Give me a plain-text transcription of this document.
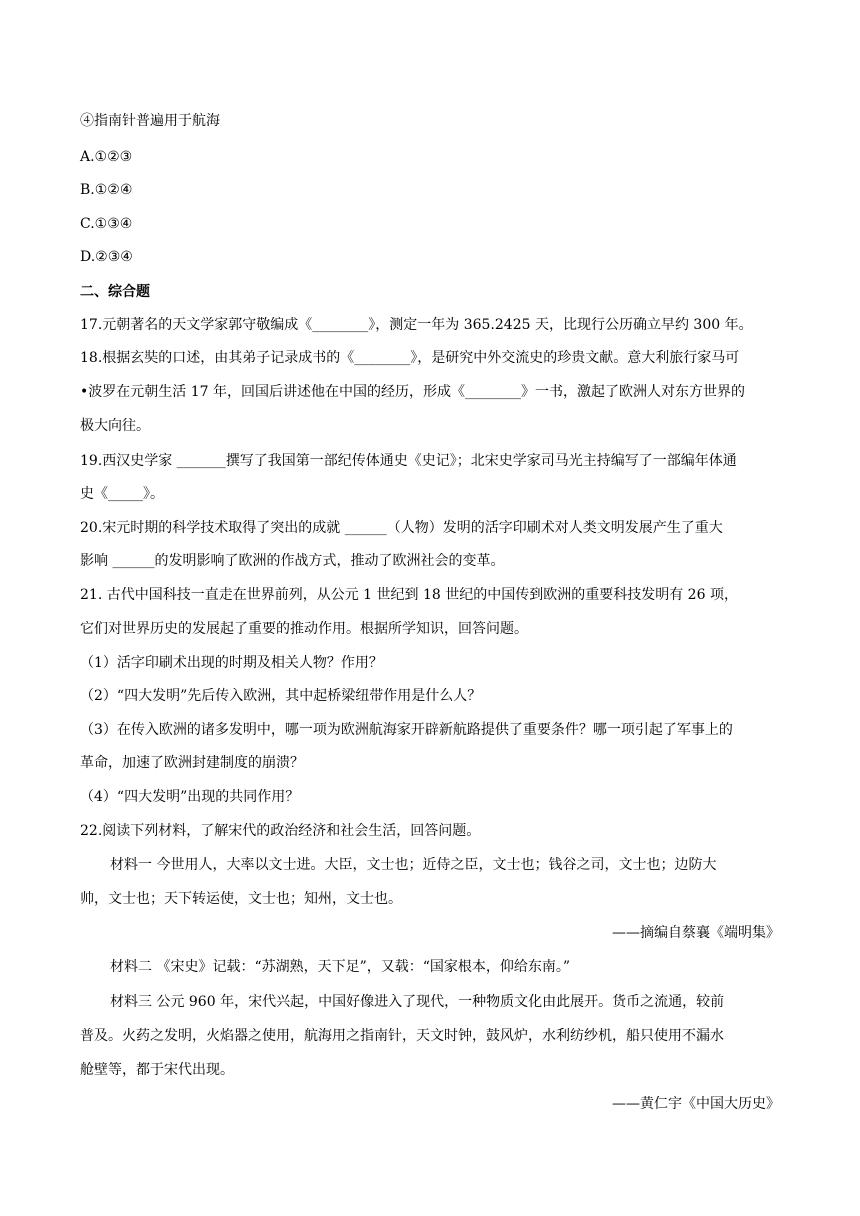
④指南针普遍用于航海
A.①②③
B.①②④
C.①③④
D.②③④
二、综合题
17.元朝著名的天文学家郭守敬编成《________》，测定一年为 365.2425 天，比现行公历确立早约 300 年。
18.根据玄奘的口述，由其弟子记录成书的《________》，是研究中外交流史的珍贵文献。意大利旅行家马可
•波罗在元朝生活 17 年，回国后讲述他在中国的经历，形成《________》一书，激起了欧洲人对东方世界的
极大向往。
19.西汉史学家 _______撰写了我国第一部纪传体通史《史记》；北宋史学家司马光主持编写了一部编年体通
史《_____》。
20.宋元时期的科学技术取得了突出的成就 ______（人物）发明的活字印刷术对人类文明发展产生了重大
影响 ______的发明影响了欧洲的作战方式，推动了欧洲社会的变革。
21. 古代中国科技一直走在世界前列，从公元 1 世纪到 18 世纪的中国传到欧洲的重要科技发明有 26 项，
它们对世界历史的发展起了重要的推动作用。根据所学知识，回答问题。
（1）活字印刷术出现的时期及相关人物？作用？
（2）“四大发明”先后传入欧洲，其中起桥梁纽带作用是什么人？
（3）在传入欧洲的诸多发明中，哪一项为欧洲航海家开辟新航路提供了重要条件？哪一项引起了军事上的
革命，加速了欧洲封建制度的崩溃？
（4）“四大发明”出现的共同作用？
22.阅读下列材料，了解宋代的政治经济和社会生活，回答问题。
材料一 今世用人，大率以文士进。大臣，文士也；近侍之臣，文士也；钱谷之司，文士也；边防大
帅，文士也；天下转运使，文士也；知州，文士也。
——摘编自蔡襄《端明集》
材料二 《宋史》记载：“苏湖熟，天下足”，又载：“国家根本，仰给东南。”
材料三 公元 960 年，宋代兴起，中国好像进入了现代，一种物质文化由此展开。货币之流通，较前
普及。火药之发明，火焰器之使用，航海用之指南针，天文时钟，鼓风炉，水利纺纱机，船只使用不漏水
舱壁等，都于宋代出现。
——黄仁宇《中国大历史》
